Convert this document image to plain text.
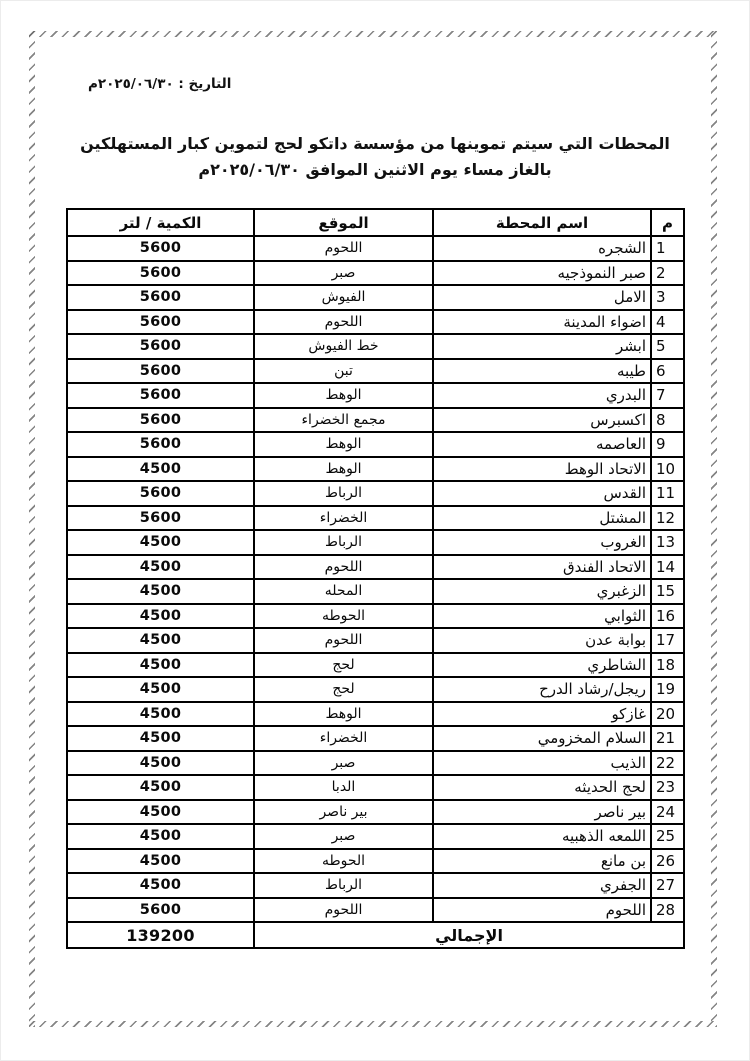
التاريخ : ٢٠٢٥/٠٦/٣٠م
المحطات التي سيتم تموينها من مؤسسة داتكو لحج لتموين كبار المستهلكين
بالغاز مساء يوم الاثنين الموافق ٢٠٢٥/٠٦/٣٠م
م	اسم المحطة	الموقع	الكمية / لتر
1	الشجره	اللحوم	5600
2	صبر النموذجيه	صبر	5600
3	الامل	الفيوش	5600
4	اضواء المدينة	اللحوم	5600
5	ابشر	خط الفيوش	5600
6	طيبه	تبن	5600
7	البدري	الوهط	5600
8	اكسبرس	مجمع الخضراء	5600
9	العاصمه	الوهط	5600
10	الاتحاد الوهط	الوهط	4500
11	القدس	الرباط	5600
12	المشتل	الخضراء	5600
13	الغروب	الرباط	4500
14	الاتحاد الفندق	اللحوم	4500
15	الزغبري	المحله	4500
16	الثوابي	الحوطه	4500
17	بوابة عدن	اللحوم	4500
18	الشاطري	لحج	4500
19	ريجل/رشاد الدرح	لحج	4500
20	غازكو	الوهط	4500
21	السلام المخزومي	الخضراء	4500
22	الذيب	صبر	4500
23	لحج الحديثه	الدبا	4500
24	بير ناصر	بير ناصر	4500
25	اللمعه الذهبيه	صبر	4500
26	بن مانع	الحوطه	4500
27	الجفري	الرباط	4500
28	اللحوم	اللحوم	5600
الإجمالي			139200
